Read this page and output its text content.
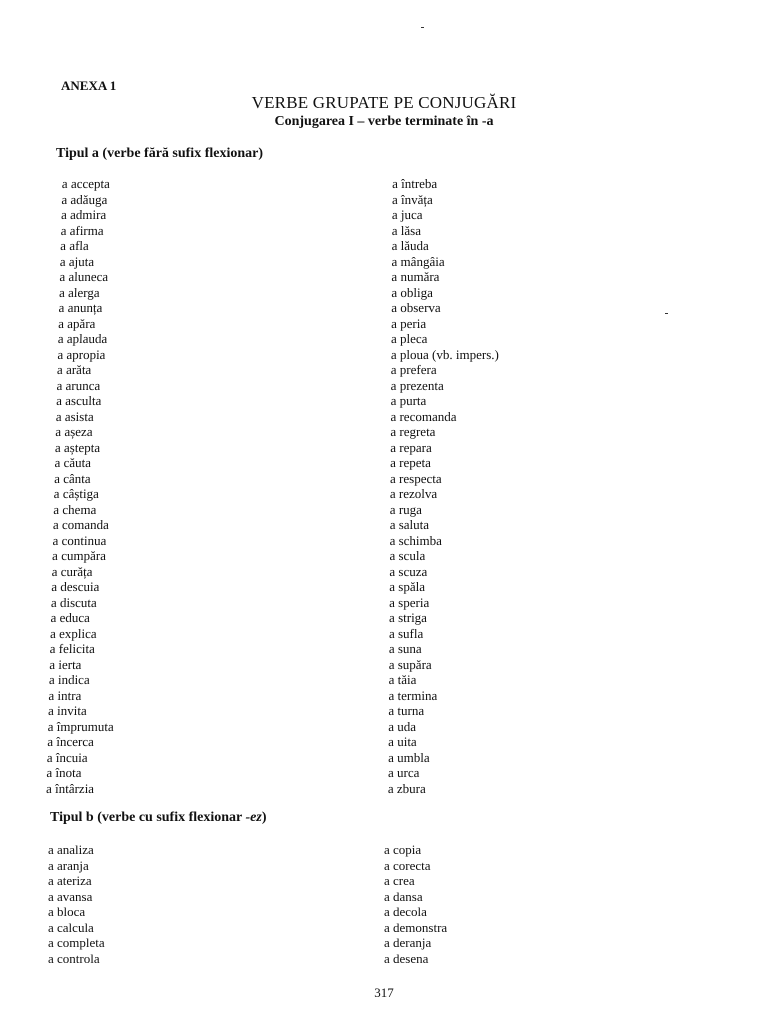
ANEXA 1
VERBE GRUPATE PE CONJUGĂRI
Conjugarea I – verbe terminate în -a
Tipul a (verbe fără sufix flexionar)
a accepta
a adăuga
a admira
a afirma
a afla
a ajuta
a aluneca
a alerga
a anunța
a apăra
a aplauda
a apropia
a arăta
a arunca
a asculta
a asista
a așeza
a aștepta
a căuta
a cânta
a câștiga
a chema
a comanda
a continua
a cumpăra
a curăța
a descuia
a discuta
a educa
a explica
a felicita
a ierta
a indica
a intra
a invita
a împrumuta
a încerca
a încuia
a înota
a întârzia
a întreba
a învăța
a juca
a lăsa
a lăuda
a mângâia
a număra
a obliga
a observa
a peria
a pleca
a ploua (vb. impers.)
a prefera
a prezenta
a purta
a recomanda
a regreta
a repara
a repeta
a respecta
a rezolva
a ruga
a saluta
a schimba
a scula
a scuza
a spăla
a speria
a striga
a sufla
a suna
a supăra
a tăia
a termina
a turna
a uda
a uita
a umbla
a urca
a zbura
Tipul b (verbe cu sufix flexionar -ez)
a analiza
a aranja
a ateriza
a avansa
a bloca
a calcula
a completa
a controla
a copia
a corecta
a crea
a dansa
a decola
a demonstra
a deranja
a desena
317
